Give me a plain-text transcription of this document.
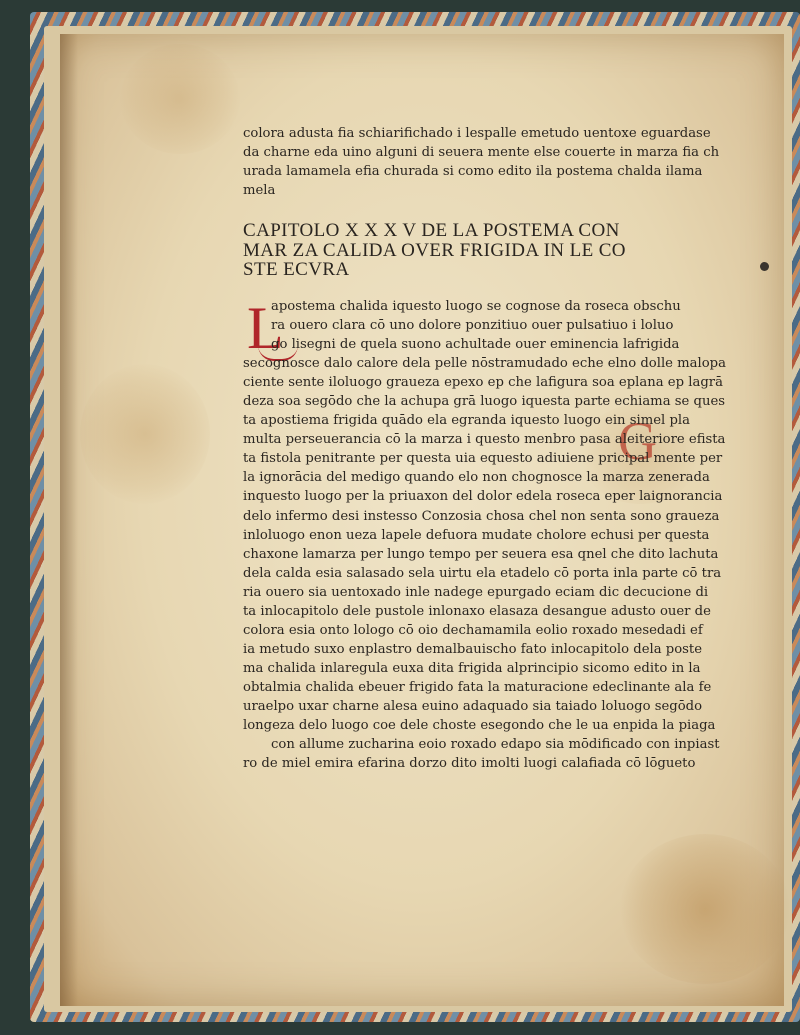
colora adusta fia schiarifichado i lespalle emetudo uentoxe eguardase
da charne eda uino alguni di seuera mente else couerte in marza fia ch
urada lamamela efia churada si como edito ila postema chalda ilama
mela
CAPITOLO X X X V DE LA POSTEMA CON
MAR ZA CALIDA OVER FRIGIDA IN LE CO
STE ECVRA
L
G
apostema chalida iquesto luogo se cognose da roseca obschu
ra ouero clara cō uno dolore ponzitiuo ouer pulsatiuo i loluo
go lisegni de quela suono achultade ouer eminencia lafrigida
secognosce dalo calore dela pelle nōstramudado eche elno dolle malopa
ciente sente iloluogo graueza epexo ep che lafigura soa eplana ep lagrā
deza soa segōdo che la achupa grā luogo iquesta parte echiama se ques
ta apostiema frigida quādo ela egranda iquesto luogo ein simel pla
multa perseuerancia cō la marza i questo menbro pasa aleiteriore efista
ta fistola penitrante per questa uia equesto adiuiene pricipal mente per
la ignorācia del medigo quando elo non chognosce la marza zenerada
inquesto luogo per la priuaxon del dolor edela roseca eper laignorancia
delo infermo desi instesso Conzosia chosa chel non senta sono graueza
inloluogo enon ueza lapele defuora mudate cholore echusi per questa
chaxone lamarza per lungo tempo per seuera esa qnel che dito lachuta
dela calda esia salasado sela uirtu ela etadelo cō porta inla parte cō tra
ria ouero sia uentoxado inle nadege epurgado eciam dic decucione di
ta inlocapitolo dele pustole inlonaxo elasaza desangue adusto ouer de
colora esia onto lologo cō oio dechamamila eolio roxado mesedadi ef
ia metudo suxo enplastro demalbauischo fato inlocapitolo dela poste
ma chalida inlaregula euxa dita frigida alprincipio sicomo edito in la
obtalmia chalida ebeuer frigido fata la maturacione edeclinante ala fe
uraelpo uxar charne alesa euino adaquado sia taiado loluogo segōdo
longeza delo luogo coe dele choste esegondo che le ua enpida la piaga
con allume zucharina eoio roxado edapo sia mōdificado con inpiast
ro de miel emira efarina dorzo dito imolti luogi calafiada cō lōgueto
